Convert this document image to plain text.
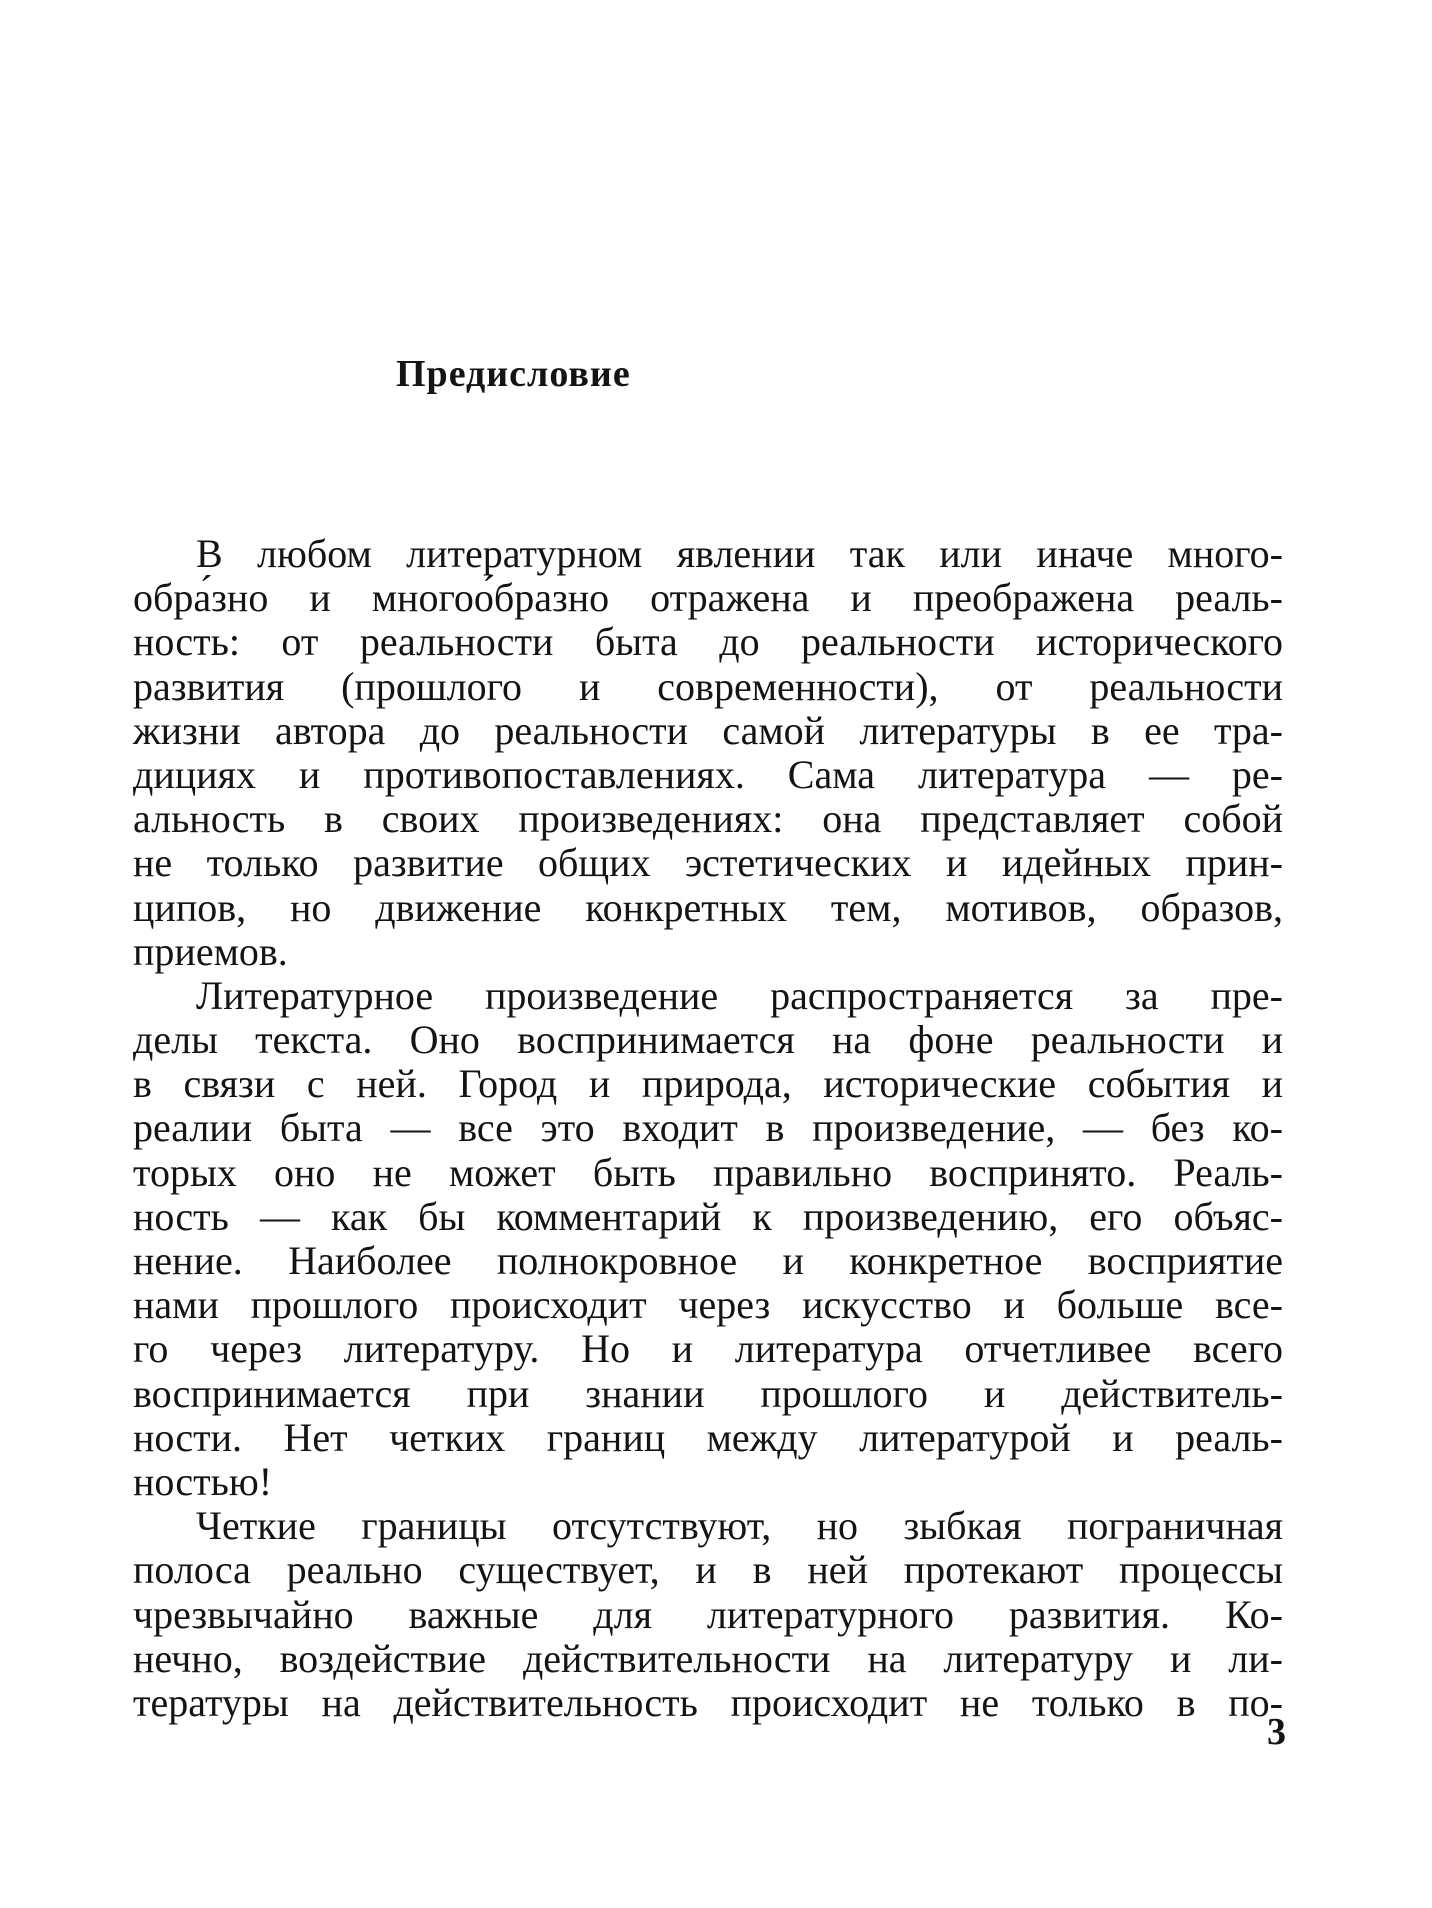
Предисловие
В любом литературном явлении так или иначе много-
обра́зно и многоо́бразно отражена и преображена реаль-
ность: от реальности быта до реальности исторического
развития (прошлого и современности), от реальности
жизни автора до реальности самой литературы в ее тра-
дициях и противопоставлениях. Сама литература — ре-
альность в своих произведениях: она представляет собой
не только развитие общих эстетических и идейных прин-
ципов, но движение конкретных тем, мотивов, образов,
приемов.
Литературное произведение распространяется за пре-
делы текста. Оно воспринимается на фоне реальности и
в связи с ней. Город и природа, исторические события и
реалии быта — все это входит в произведение, — без ко-
торых оно не может быть правильно воспринято. Реаль-
ность — как бы комментарий к произведению, его объяс-
нение. Наиболее полнокровное и конкретное восприятие
нами прошлого происходит через искусство и больше все-
го через литературу. Но и литература отчетливее всего
воспринимается при знании прошлого и действитель-
ности. Нет четких границ между литературой и реаль-
ностью!
Четкие границы отсутствуют, но зыбкая пограничная
полоса реально существует, и в ней протекают процессы
чрезвычайно важные для литературного развития. Ко-
нечно, воздействие действительности на литературу и ли-
тературы на действительность происходит не только в по-
3
